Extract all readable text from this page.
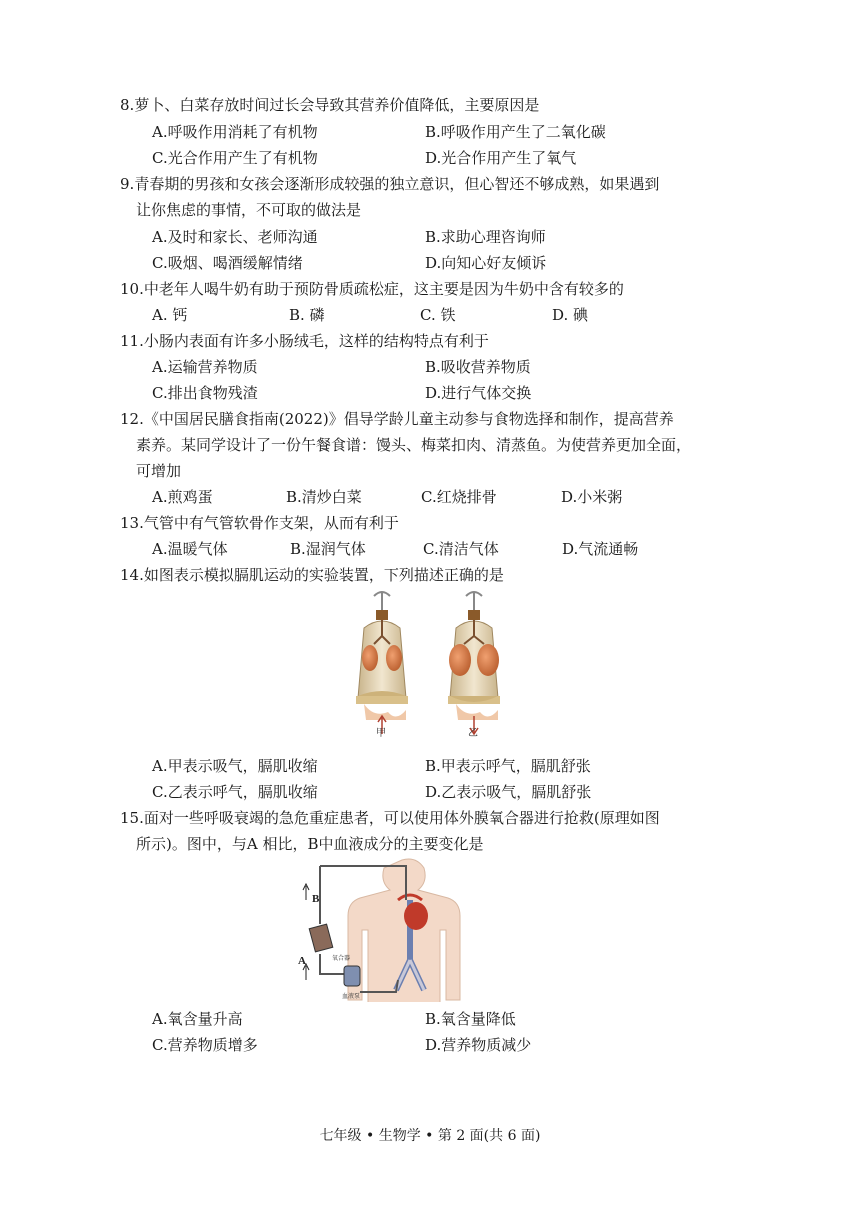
8.萝卜、白菜存放时间过长会导致其营养价值降低，主要原因是
A.呼吸作用消耗了有机物	B.呼吸作用产生了二氧化碳
C.光合作用产生了有机物	D.光合作用产生了氧气
9.青春期的男孩和女孩会逐渐形成较强的独立意识，但心智还不够成熟，如果遇到
让你焦虑的事情，不可取的做法是
A.及时和家长、老师沟通	B.求助心理咨询师
C.吸烟、喝酒缓解情绪	D.向知心好友倾诉
10.中老年人喝牛奶有助于预防骨质疏松症，这主要是因为牛奶中含有较多的
A. 钙	B. 磷	C. 铁	D. 碘
11.小肠内表面有许多小肠绒毛，这样的结构特点有利于
A.运输营养物质	B.吸收营养物质
C.排出食物残渣	D.进行气体交换
12.《中国居民膳食指南(2022)》倡导学龄儿童主动参与食物选择和制作，提高营养
素养。某同学设计了一份午餐食谱：馒头、梅菜扣肉、清蒸鱼。为使营养更加全面，
可增加
A.煎鸡蛋	B.清炒白菜	C.红烧排骨	D.小米粥
13.气管中有气管软骨作支架，从而有利于
A.温暖气体	B.湿润气体	C.清洁气体	D.气流通畅
14.如图表示模拟膈肌运动的实验装置，下列描述正确的是
甲	乙
A.甲表示吸气，膈肌收缩	B.甲表示呼气，膈肌舒张
C.乙表示呼气，膈肌收缩	D.乙表示吸气，膈肌舒张
15.面对一些呼吸衰竭的急危重症患者，可以使用体外膜氧合器进行抢救(原理如图
所示)。图中，与A 相比，B中血液成分的主要变化是
B
A	氧合器
血液泵
A.氧含量升高	B.氧含量降低
C.营养物质增多	D.营养物质减少
七年级 • 生物学 • 第 2 面(共 6 面)
